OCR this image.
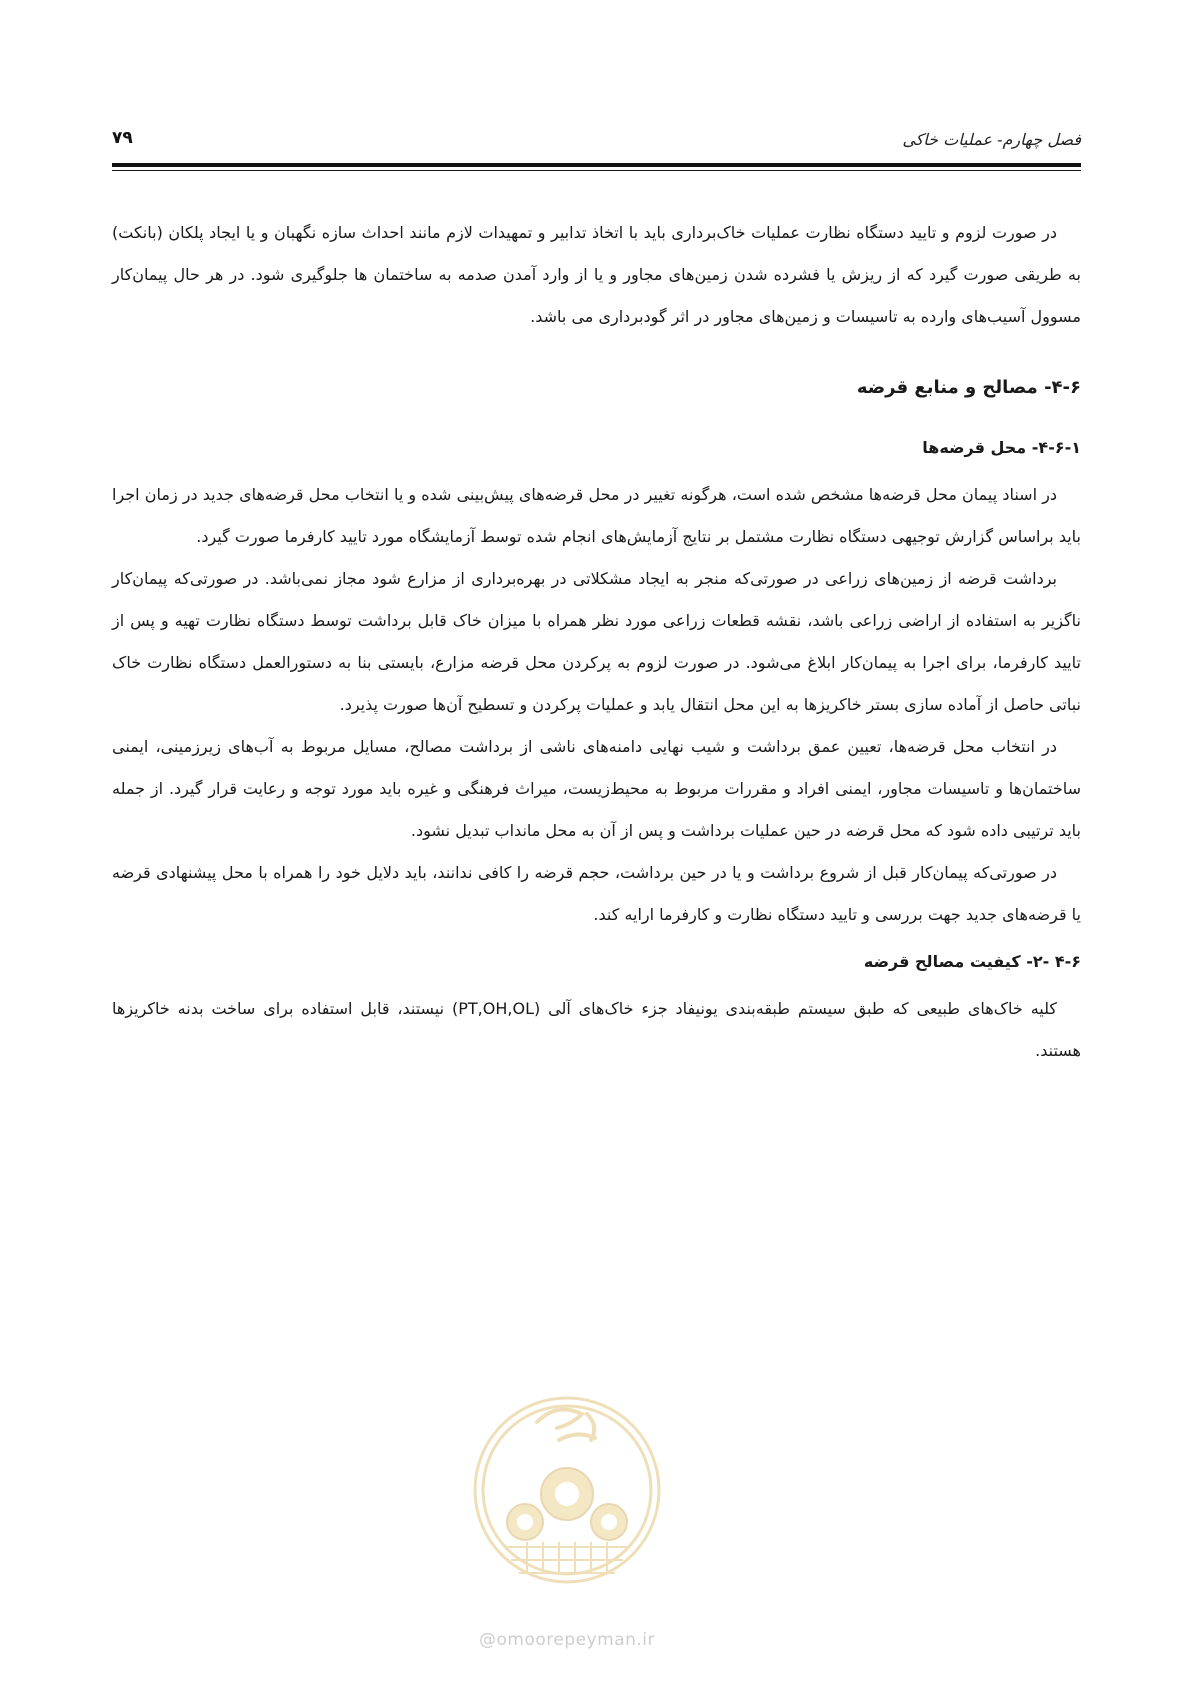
فصل چهارم- عملیات خاکی
۷۹

در صورت لزوم و تایید دستگاه نظارت عملیات خاک‌برداری باید با اتخاذ تدابیر و تمهیدات لازم مانند احداث سازه نگهبان و یا ایجاد پلکان (بانکت) به طریقی صورت گیرد که از ریزش یا فشرده شدن زمین‌های مجاور و یا از وارد آمدن صدمه به ساختمان ها جلوگیری شود. در هر حال پیمان‌کار مسوول آسیب‌های وارده به تاسیسات و زمین‌های مجاور در اثر گودبرداری می باشد.

۴-۶- مصالح و منابع قرضه
۴-۶-۱- محل قرضه‌ها

در اسناد پیمان محل قرضه‌ها مشخص شده است، هرگونه تغییر در محل قرضه‌های پیش‌بینی شده و یا انتخاب محل قرضه‌های جدید در زمان اجرا باید براساس گزارش توجیهی دستگاه نظارت مشتمل بر نتایج آزمایش‌های انجام شده توسط آزمایشگاه مورد تایید کارفرما صورت گیرد.

برداشت قرضه از زمین‌های زراعی در صورتی‌که منجر به ایجاد مشکلاتی در بهره‌برداری از مزارع شود مجاز نمی‌باشد. در صورتی‌که پیمان‌کار ناگزیر به استفاده از اراضی زراعی باشد، نقشه قطعات زراعی مورد نظر همراه با میزان خاک قابل برداشت توسط دستگاه نظارت تهیه و پس از تایید کارفرما، برای اجرا به پیمان‌کار ابلاغ می‌شود. در صورت لزوم به پرکردن محل قرضه مزارع، بایستی بنا به دستورالعمل دستگاه نظارت خاک نباتی حاصل از آماده سازی بستر خاکریزها به این محل انتقال یابد و عملیات پرکردن و تسطیح آن‌ها صورت پذیرد.

در انتخاب محل قرضه‌ها، تعیین عمق برداشت و شیب نهایی دامنه‌های ناشی از برداشت مصالح، مسایل مربوط به آب‌های زیرزمینی، ایمنی ساختمان‌ها و تاسیسات مجاور، ایمنی افراد و مقررات مربوط به محیط‌زیست، میراث فرهنگی و غیره باید مورد توجه و رعایت قرار گیرد. از جمله باید ترتیبی داده شود که محل قرضه در حین عملیات برداشت و پس از آن به محل مانداب تبدیل نشود.

در صورتی‌که پیمان‌کار قبل از شروع برداشت و یا در حین برداشت، حجم قرضه را کافی ندانند، باید دلایل خود را همراه با محل پیشنهادی قرضه یا قرضه‌های جدید جهت بررسی و تایید دستگاه نظارت و کارفرما ارایه کند.

۴-۶ -۲- کیفیت مصالح قرضه

کلیه خاک‌های طبیعی که طبق سیستم طبقه‌بندی یونیفاد جزء خاک‌های آلی (PT,OH,OL) نیستند، قابل استفاده برای ساخت بدنه خاکریزها هستند.

@omoorepeyman.ir
